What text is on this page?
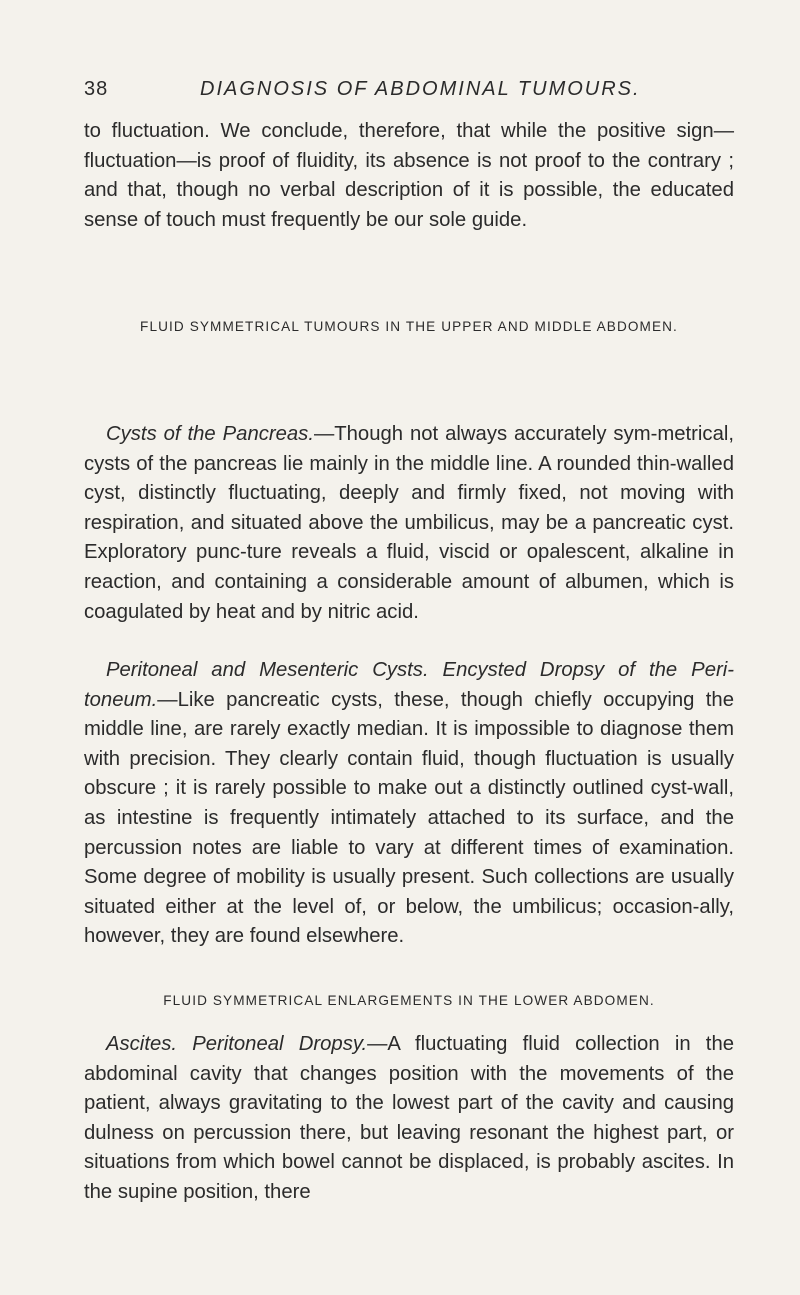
38	DIAGNOSIS OF ABDOMINAL TUMOURS.

to fluctuation. We conclude, therefore, that while the positive sign—fluctuation—is proof of fluidity, its absence is not proof to the contrary ; and that, though no verbal description of it is possible, the educated sense of touch must frequently be our sole guide.

FLUID SYMMETRICAL TUMOURS IN THE UPPER AND MIDDLE ABDOMEN.

Cysts of the Pancreas.—Though not always accurately sym-metrical, cysts of the pancreas lie mainly in the middle line. A rounded thin-walled cyst, distinctly fluctuating, deeply and firmly fixed, not moving with respiration, and situated above the umbilicus, may be a pancreatic cyst. Exploratory punc-ture reveals a fluid, viscid or opalescent, alkaline in reaction, and containing a considerable amount of albumen, which is coagulated by heat and by nitric acid.

Peritoneal and Mesenteric Cysts. Encysted Dropsy of the Peri-toneum.—Like pancreatic cysts, these, though chiefly occupying the middle line, are rarely exactly median. It is impossible to diagnose them with precision. They clearly contain fluid, though fluctuation is usually obscure ; it is rarely possible to make out a distinctly outlined cyst-wall, as intestine is frequently intimately attached to its surface, and the percussion notes are liable to vary at different times of examination. Some degree of mobility is usually present. Such collections are usually situated either at the level of, or below, the umbilicus; occasion-ally, however, they are found elsewhere.

FLUID SYMMETRICAL ENLARGEMENTS IN THE LOWER ABDOMEN.

Ascites. Peritoneal Dropsy.—A fluctuating fluid collection in the abdominal cavity that changes position with the movements of the patient, always gravitating to the lowest part of the cavity and causing dulness on percussion there, but leaving resonant the highest part, or situations from which bowel cannot be displaced, is probably ascites. In the supine position, there
